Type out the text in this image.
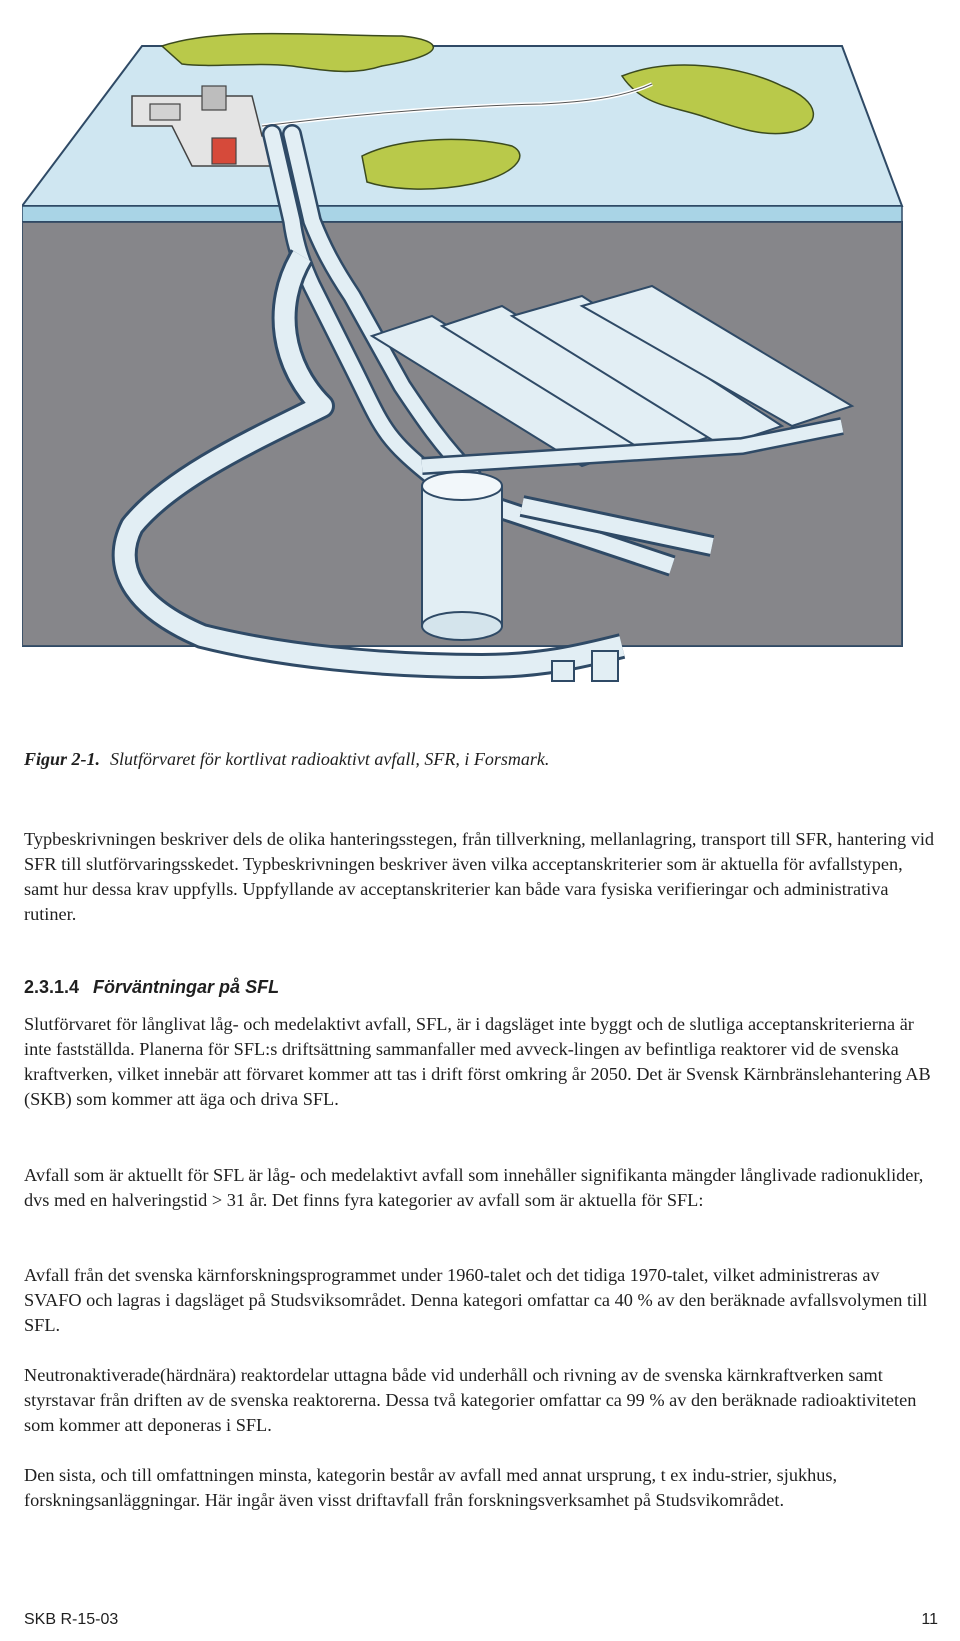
Figur 2-1. Slutförvaret för kortlivat radioaktivt avfall, SFR, i Forsmark.

Typbeskrivningen beskriver dels de olika hanteringsstegen, från tillverkning, mellanlagring, transport till SFR, hantering vid SFR till slutförvaringsskedet. Typbeskrivningen beskriver även vilka acceptanskriterier som är aktuella för avfallstypen, samt hur dessa krav uppfylls. Uppfyllande av acceptanskriterier kan både vara fysiska verifieringar och administrativa rutiner.

2.3.1.4 Förväntningar på SFL

Slutförvaret för långlivat låg- och medelaktivt avfall, SFL, är i dagsläget inte byggt och de slutliga acceptanskriterierna är inte fastställda. Planerna för SFL:s driftsättning sammanfaller med avveck-lingen av befintliga reaktorer vid de svenska kraftverken, vilket innebär att förvaret kommer att tas i drift först omkring år 2050. Det är Svensk Kärnbränslehantering AB (SKB) som kommer att äga och driva SFL.

Avfall som är aktuellt för SFL är låg- och medelaktivt avfall som innehåller signifikanta mängder långlivade radionuklider, dvs med en halveringstid > 31 år. Det finns fyra kategorier av avfall som är aktuella för SFL:

Avfall från det svenska kärnforskningsprogrammet under 1960-talet och det tidiga 1970-talet, vilket administreras av SVAFO och lagras i dagsläget på Studsviksområdet. Denna kategori omfattar ca 40 % av den beräknade avfallsvolymen till SFL.

Neutronaktiverade(härdnära) reaktordelar uttagna både vid underhåll och rivning av de svenska kärnkraftverken samt styrstavar från driften av de svenska reaktorerna. Dessa två kategorier omfattar ca 99 % av den beräknade radioaktiviteten som kommer att deponeras i SFL.

Den sista, och till omfattningen minsta, kategorin består av avfall med annat ursprung, t ex indu-strier, sjukhus, forskningsanläggningar. Här ingår även visst driftavfall från forskningsverksamhet på Studsvikområdet.

SKB R-15-03	11
